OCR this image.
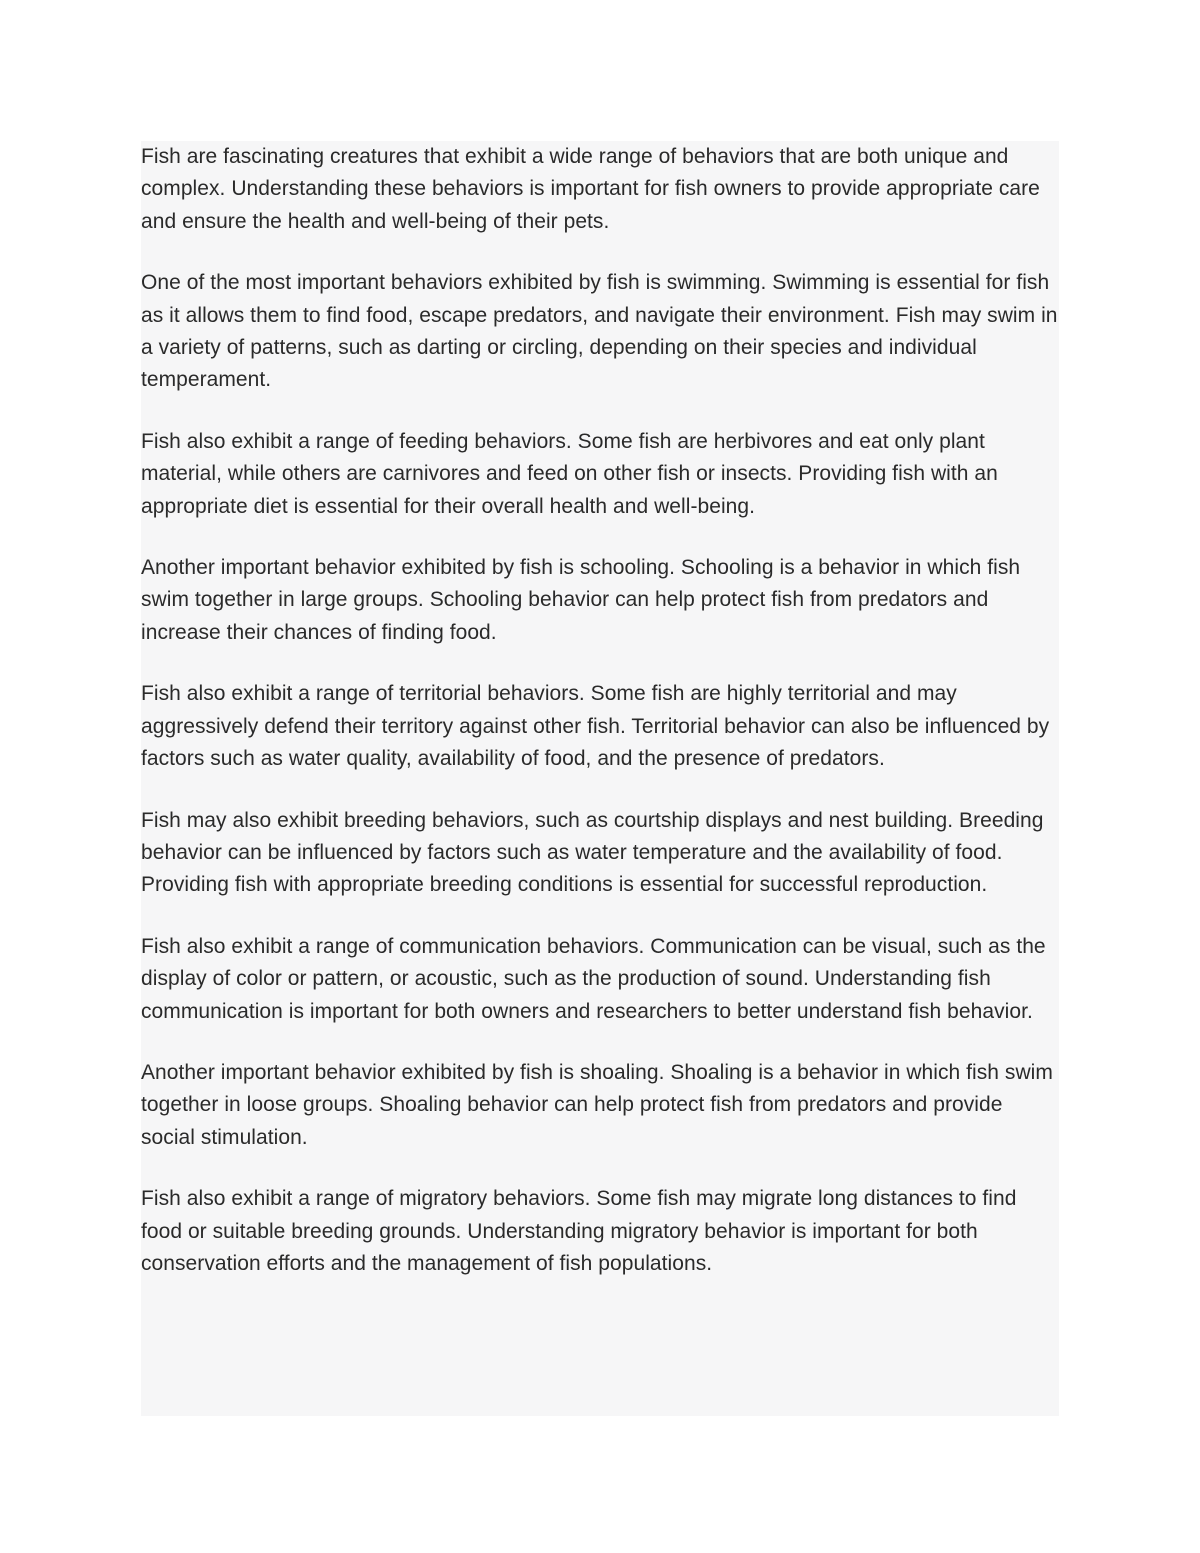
Fish are fascinating creatures that exhibit a wide range of behaviors that are both unique and complex. Understanding these behaviors is important for fish owners to provide appropriate care and ensure the health and well-being of their pets.

One of the most important behaviors exhibited by fish is swimming. Swimming is essential for fish as it allows them to find food, escape predators, and navigate their environment. Fish may swim in a variety of patterns, such as darting or circling, depending on their species and individual temperament.

Fish also exhibit a range of feeding behaviors. Some fish are herbivores and eat only plant material, while others are carnivores and feed on other fish or insects. Providing fish with an appropriate diet is essential for their overall health and well-being.

Another important behavior exhibited by fish is schooling. Schooling is a behavior in which fish swim together in large groups. Schooling behavior can help protect fish from predators and increase their chances of finding food.

Fish also exhibit a range of territorial behaviors. Some fish are highly territorial and may aggressively defend their territory against other fish. Territorial behavior can also be influenced by factors such as water quality, availability of food, and the presence of predators.

Fish may also exhibit breeding behaviors, such as courtship displays and nest building. Breeding behavior can be influenced by factors such as water temperature and the availability of food. Providing fish with appropriate breeding conditions is essential for successful reproduction.

Fish also exhibit a range of communication behaviors. Communication can be visual, such as the display of color or pattern, or acoustic, such as the production of sound. Understanding fish communication is important for both owners and researchers to better understand fish behavior.

Another important behavior exhibited by fish is shoaling. Shoaling is a behavior in which fish swim together in loose groups. Shoaling behavior can help protect fish from predators and provide social stimulation.

Fish also exhibit a range of migratory behaviors. Some fish may migrate long distances to find food or suitable breeding grounds. Understanding migratory behavior is important for both conservation efforts and the management of fish populations.
